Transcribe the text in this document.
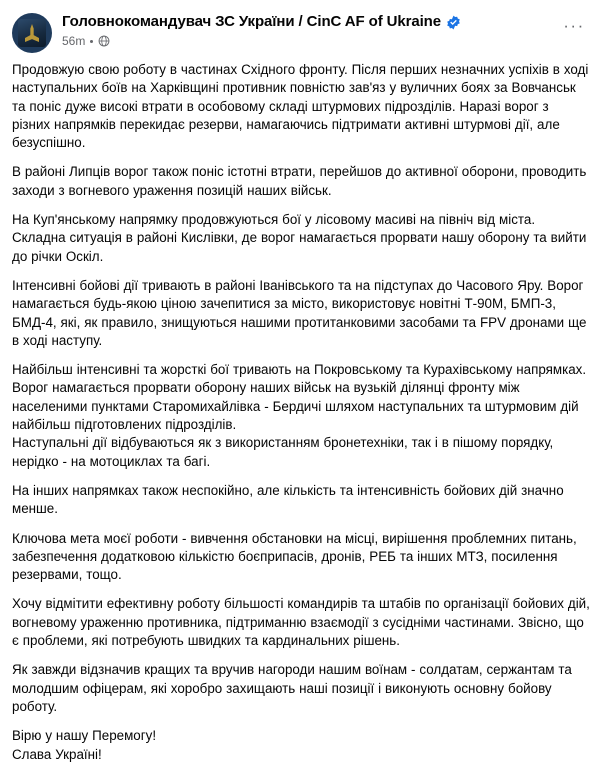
Головнокомандувач ЗС України / CinC AF of Ukraine
56m
···

Продовжую свою роботу в частинах Східного фронту. Після перших незначних успіхів в ході наступальних боїв на Харківщині противник повністю зав'яз у вуличних боях за Вовчанськ та поніс дуже високі втрати в особовому складі штурмових підрозділів. Наразі ворог з різних напрямків перекидає резерви, намагаючись підтримати активні штурмові дії, але безуспішно.

В районі Липців ворог також поніс істотні втрати, перейшов до активної оборони, проводить заходи з вогневого ураження позицій наших військ.

На Куп'янському напрямку продовжуються бої у лісовому масиві на північ від міста. Складна ситуація в районі Кислівки, де ворог намагається прорвати нашу оборону та вийти до річки Оскіл.

Інтенсивні бойові дії тривають в районі Іванівського та на підступах до Часового Яру. Ворог намагається будь-якою ціною зачепитися за місто, використовує новітні Т-90М, БМП-3, БМД-4, які, як правило, знищуються нашими протитанковими засобами та FPV дронами ще в ході наступу.

Найбільш інтенсивні та жорсткі бої тривають на Покровському та Курахівському напрямках. Ворог намагається прорвати оборону наших військ на вузькій ділянці фронту між населеними пунктами Старомихайлівка - Бердичі шляхом наступальних та штурмовим дій найбільш підготовлених підрозділів.

Наступальні дії відбуваються як з використанням бронетехніки, так і в пішому порядку, нерідко - на мотоциклах та багі.

На інших напрямках також неспокійно, але кількість та інтенсивність бойових дій значно менше.

Ключова мета моєї роботи - вивчення обстановки на місці, вирішення проблемних питань, забезпечення додатковою кількістю боєприпасів, дронів, РЕБ та інших МТЗ, посилення резервами, тощо.

Хочу відмітити ефективну роботу більшості командирів та штабів по організації бойових дій, вогневому ураженню противника, підтриманню взаємодії з сусідніми частинами. Звісно, що є проблеми, які потребують швидких та кардинальних рішень.

Як завжди відзначив кращих та вручив нагороди нашим воїнам - солдатам, сержантам та молодшим офіцерам, які хоробро захищають наші позиції і виконують основну бойову роботу.

Вірю у нашу Перемогу!

Слава Україні!
